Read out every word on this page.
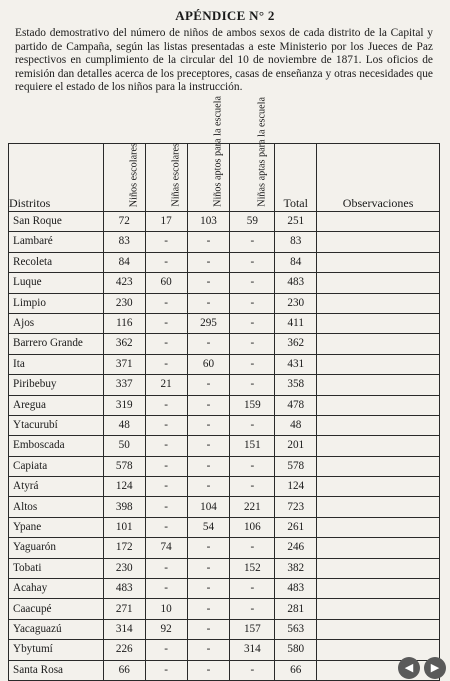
APÉNDICE N° 2
Estado demostrativo del número de niños de ambos sexos de cada distrito de la Capital y partido de Campaña, según las listas presentadas a este Ministerio por los Jueces de Paz respectivos en cumplimiento de la circular del 10 de noviembre de 1871. Los oficios de remisión dan detalles acerca de los preceptores, casas de enseñanza y otras necesidades que requiere el estado de los niños para la instrucción.
Distritos	Niños escolares	Niñas escolares	Niños aptos para la escuela	Niñas aptas para la escuela	Total	Observaciones
San Roque	72	17	103	59	251	
Lambaré	83	-	-	-	83	
Recoleta	84	-	-	-	84	
Luque	423	60	-	-	483	
Limpio	230	-	-	-	230	
Ajos	116	-	295	-	411	
Barrero Grande	362	-	-	-	362	
Ita	371	-	60	-	431	
Piribebuy	337	21	-	-	358	
Aregua	319	-	-	159	478	
Ytacurubí	48	-	-	-	48	
Emboscada	50	-	-	151	201	
Capiata	578	-	-	-	578	
Atyrá	124	-	-	-	124	
Altos	398	-	104	221	723	
Ypane	101	-	54	106	261	
Yaguarón	172	74	-	-	246	
Tobati	230	-	-	152	382	
Acahay	483	-	-	-	483	
Caacupé	271	10	-	-	281	
Yacaguazú	314	92	-	157	563	
Ybytumí	226	-	-	314	580	
Santa Rosa	66	-	-	-	66		◀	▶
